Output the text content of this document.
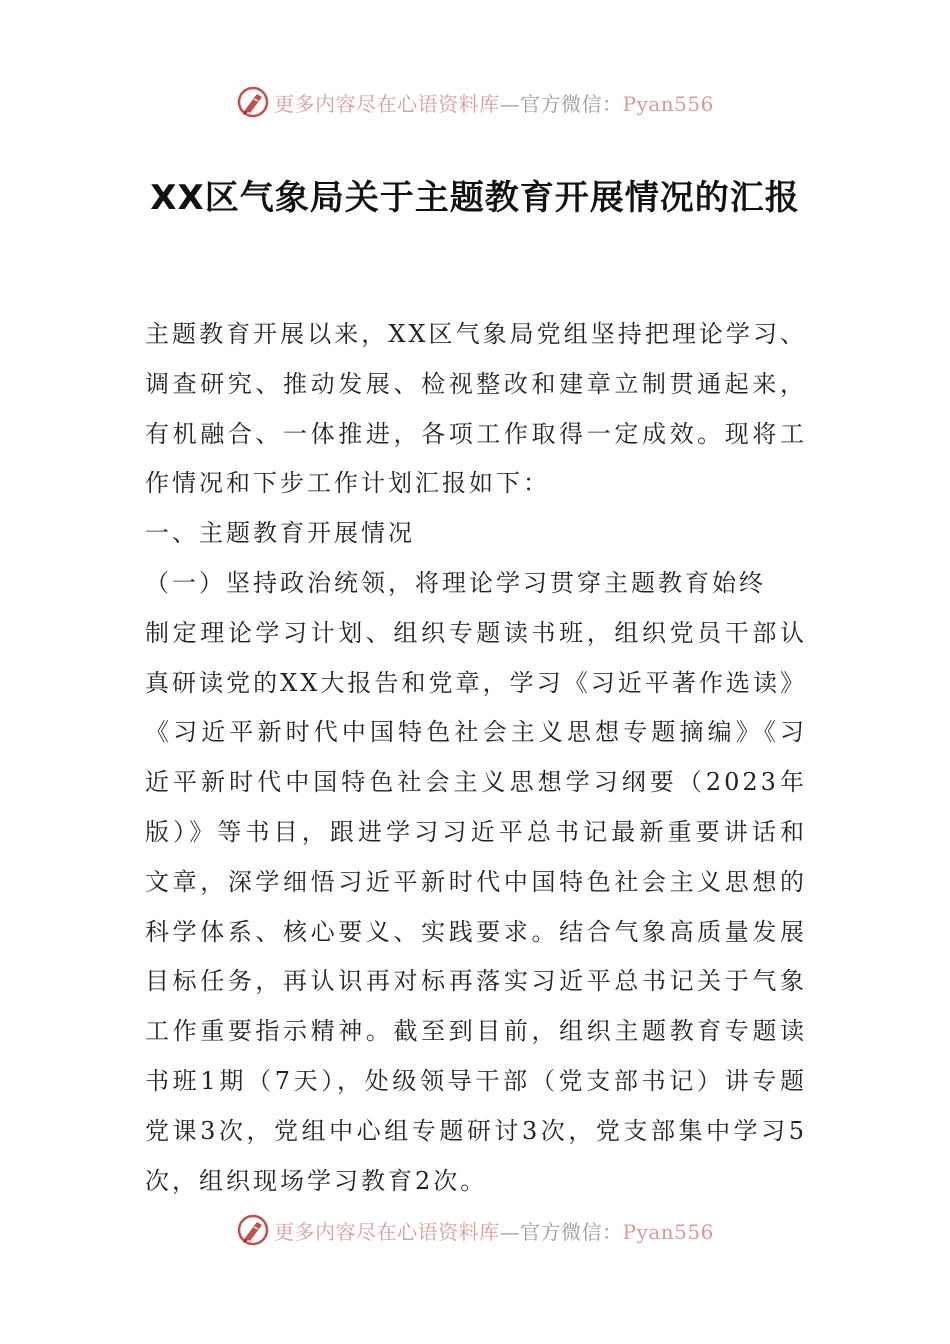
更多内容尽在心语资料库—官方微信：Pyan556
XX区气象局关于主题教育开展情况的汇报

主题教育开展以来，XX区气象局党组坚持把理论学习、调查研究、推动发展、检视整改和建章立制贯通起来，有机融合、一体推进，各项工作取得一定成效。现将工作情况和下步工作计划汇报如下：

一、主题教育开展情况

（一）坚持政治统领，将理论学习贯穿主题教育始终

制定理论学习计划、组织专题读书班，组织党员干部认真研读党的XX大报告和党章，学习《习近平著作选读》《习近平新时代中国特色社会主义思想专题摘编》《习近平新时代中国特色社会主义思想学习纲要（2023年版）》等书目，跟进学习习近平总书记最新重要讲话和文章，深学细悟习近平新时代中国特色社会主义思想的科学体系、核心要义、实践要求。结合气象高质量发展目标任务，再认识再对标再落实习近平总书记关于气象工作重要指示精神。截至到目前，组织主题教育专题读书班1期（7天），处级领导干部（党支部书记）讲专题党课3次，党组中心组专题研讨3次，党支部集中学习5次，组织现场学习教育2次。

更多内容尽在心语资料库—官方微信：Pyan556
